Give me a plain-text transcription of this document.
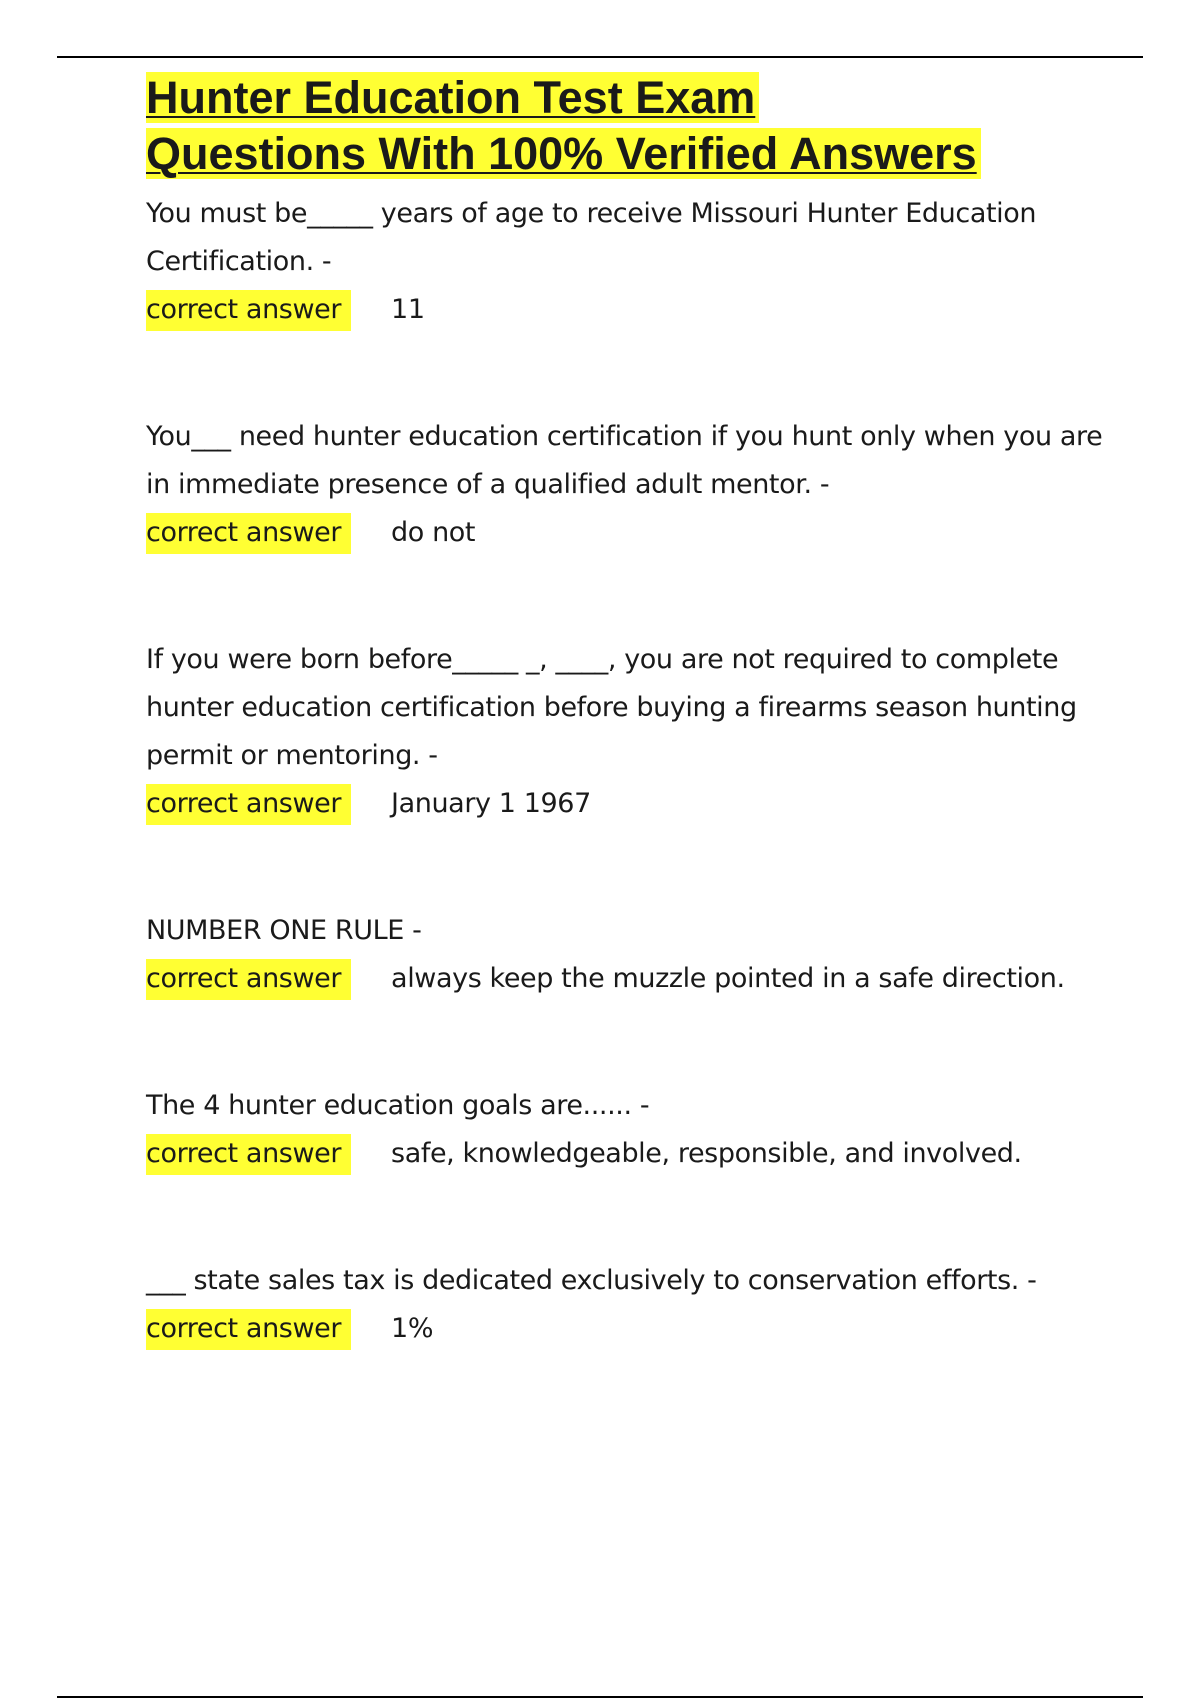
Hunter Education Test Exam
Questions With 100% Verified Answers

You must be_____ years of age to receive Missouri Hunter Education Certification. -

correct answer 11

You___ need hunter education certification if you hunt only when you are in immediate presence of a qualified adult mentor. -

correct answer do not

If you were born before_____ _, ____, you are not required to complete hunter education certification before buying a firearms season hunting permit or mentoring. -

correct answer January 1 1967

NUMBER ONE RULE -

correct answer always keep the muzzle pointed in a safe direction.

The 4 hunter education goals are...... -

correct answer safe, knowledgeable, responsible, and involved.

___ state sales tax is dedicated exclusively to conservation efforts. -

correct answer 1%
